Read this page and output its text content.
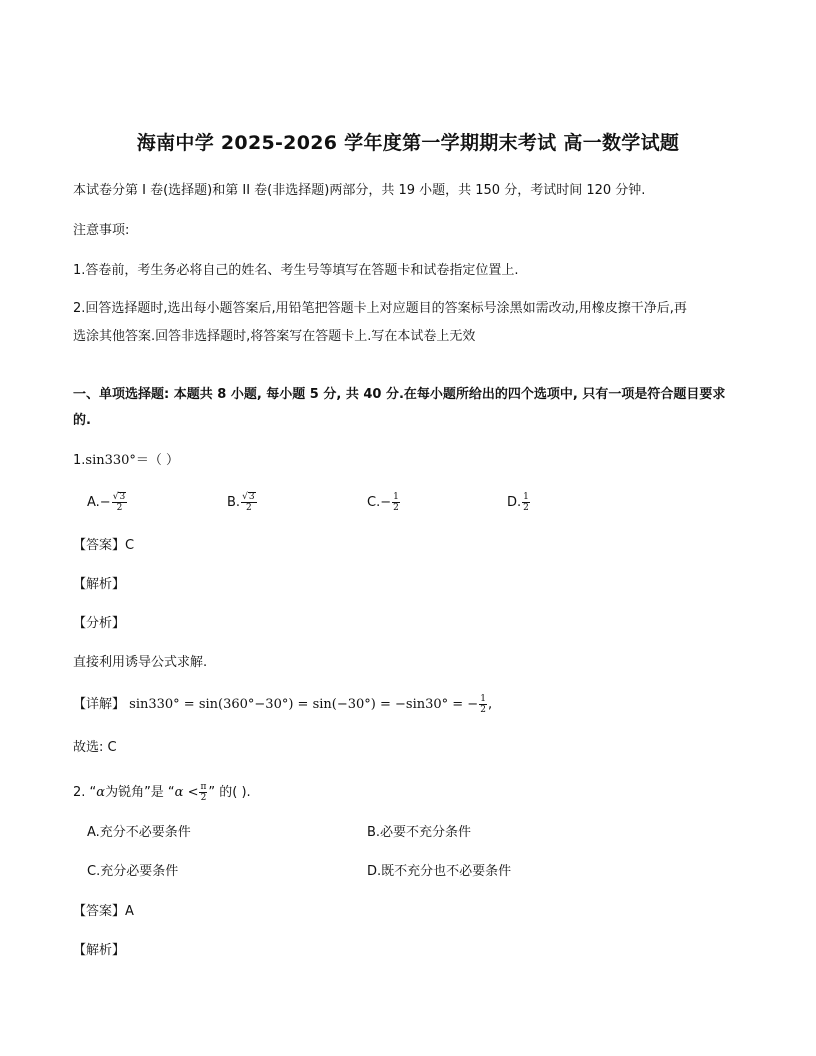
海南中学 2025-2026 学年度第一学期期末考试 高一数学试题
本试卷分第 I 卷(选择题)和第 II 卷(非选择题)两部分，共 19 小题，共 150 分，考试时间 120 分钟.
注意事项:
1.答卷前，考生务必将自己的姓名、考生号等填写在答题卡和试卷指定位置上.
2.回答选择题时,选出每小题答案后,用铅笔把答题卡上对应题目的答案标号涂黑如需改动,用橡皮擦干净后,再
选涂其他答案.回答非选择题时,将答案写在答题卡上.写在本试卷上无效
一、单项选择题: 本题共 8 小题, 每小题 5 分, 共 40 分.在每小题所给出的四个选项中, 只有一项是符合题目要求
的.
1.sin330°＝（ ）
$A.- \frac{√ 3}{2}$	B. $\frac{√ 3}{2}$	$C.- \frac{1}{2}$	D. $\frac{1}{2}$
【答案】C
【解析】
【分析】
直接利用诱导公式求解.
【详解】 sin330° = sin(360°−30°) = sin(−30°) = −sin30° = − $\frac{1}{2}$ ,
故选: C
2. “α为锐角”是 “$\alpha < \frac{\pi}{2}$ ” 的( ).
A.充分不必要条件	B.必要不充分条件
C.充分必要条件	D.既不充分也不必要条件
【答案】A
【解析】
